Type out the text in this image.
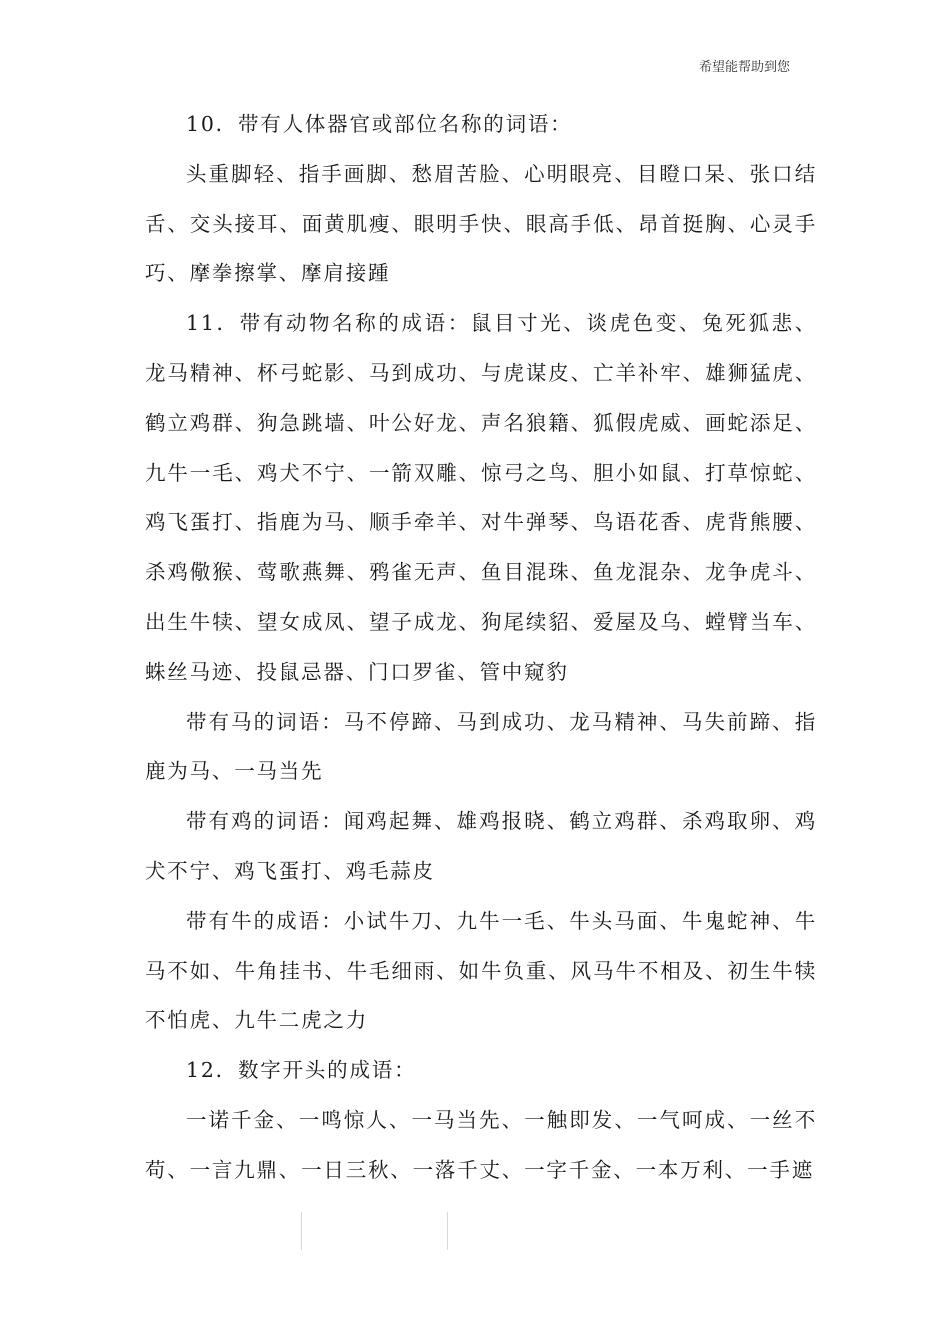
希望能帮助到您

10．带有人体器官或部位名称的词语：

头重脚轻、指手画脚、愁眉苦脸、心明眼亮、目瞪口呆、张口结舌、交头接耳、面黄肌瘦、眼明手快、眼高手低、昂首挺胸、心灵手巧、摩拳擦掌、摩肩接踵

11．带有动物名称的成语：鼠目寸光、谈虎色变、兔死狐悲、龙马精神、杯弓蛇影、马到成功、与虎谋皮、亡羊补牢、雄狮猛虎、鹤立鸡群、狗急跳墙、叶公好龙、声名狼籍、狐假虎威、画蛇添足、九牛一毛、鸡犬不宁、一箭双雕、惊弓之鸟、胆小如鼠、打草惊蛇、鸡飞蛋打、指鹿为马、顺手牵羊、对牛弹琴、鸟语花香、虎背熊腰、杀鸡儆猴、莺歌燕舞、鸦雀无声、鱼目混珠、鱼龙混杂、龙争虎斗、出生牛犊、望女成凤、望子成龙、狗尾续貂、爱屋及乌、螳臂当车、蛛丝马迹、投鼠忌器、门口罗雀、管中窥豹

带有马的词语：马不停蹄、马到成功、龙马精神、马失前蹄、指鹿为马、一马当先

带有鸡的词语：闻鸡起舞、雄鸡报晓、鹤立鸡群、杀鸡取卵、鸡犬不宁、鸡飞蛋打、鸡毛蒜皮

带有牛的成语：小试牛刀、九牛一毛、牛头马面、牛鬼蛇神、牛马不如、牛角挂书、牛毛细雨、如牛负重、风马牛不相及、初生牛犊不怕虎、九牛二虎之力

12．数字开头的成语：

一诺千金、一鸣惊人、一马当先、一触即发、一气呵成、一丝不苟、一言九鼎、一日三秋、一落千丈、一字千金、一本万利、一手遮
